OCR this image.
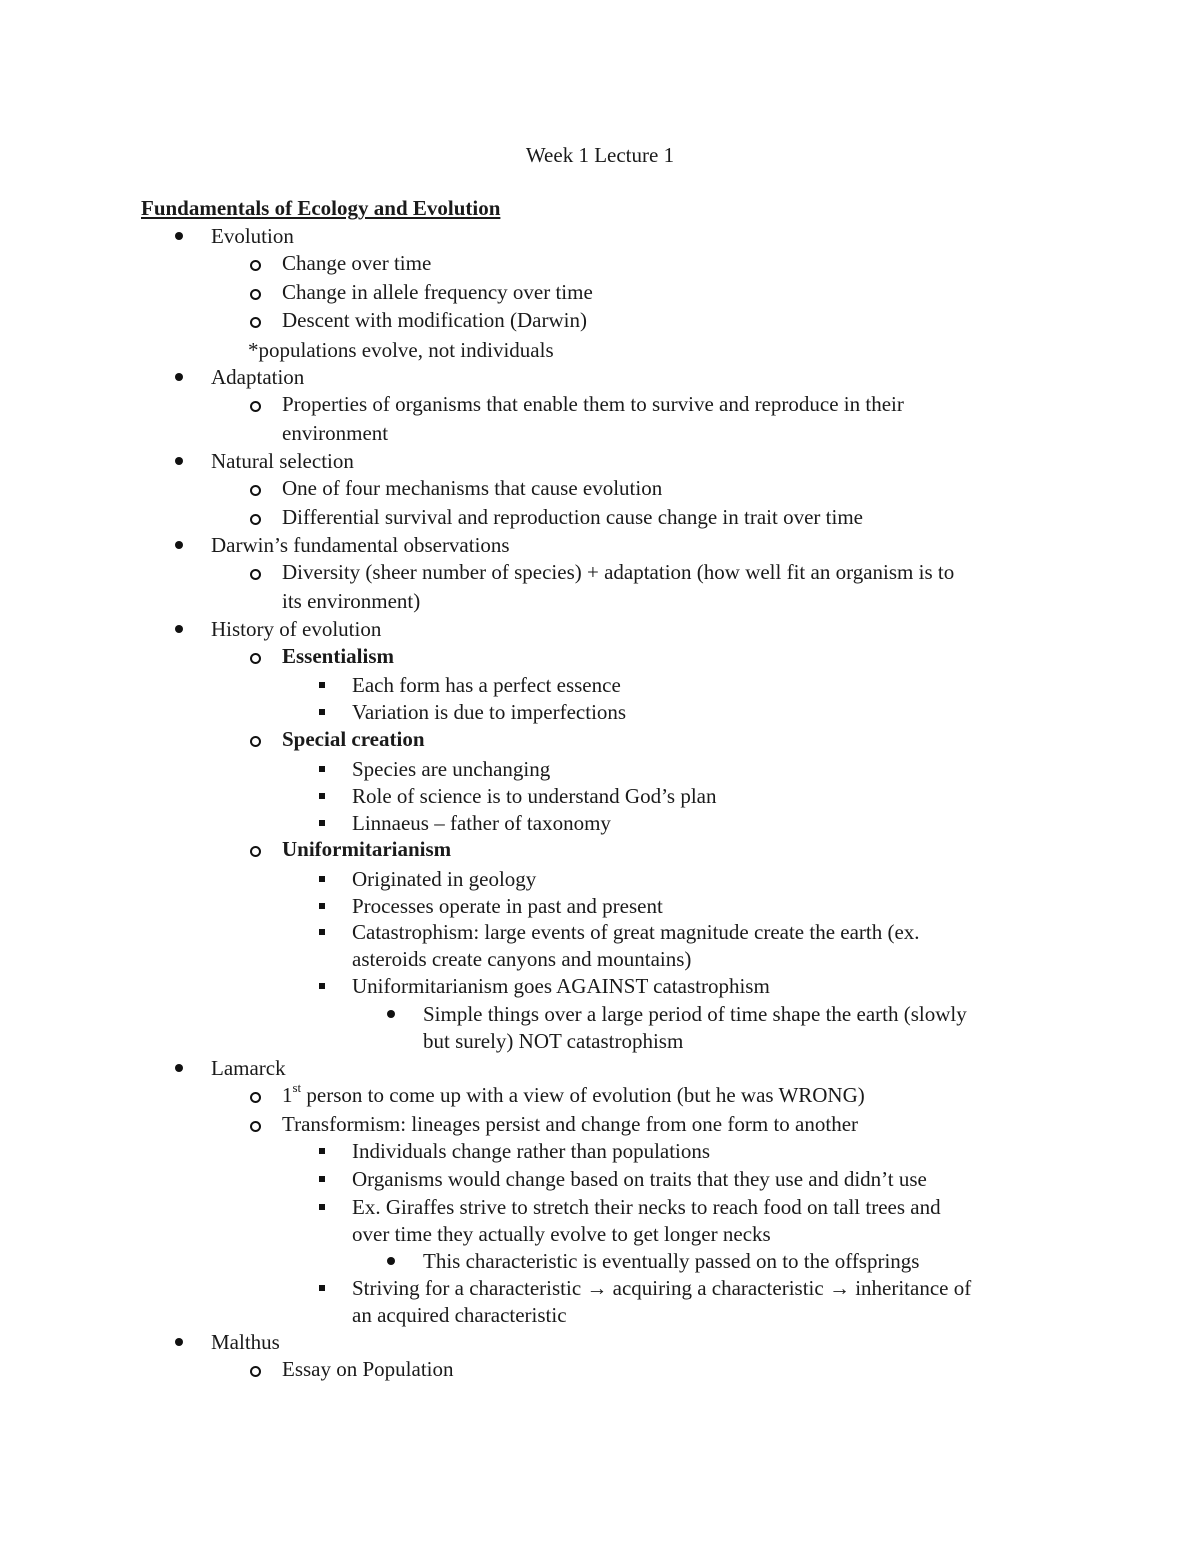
Week 1 Lecture 1
Fundamentals of Ecology and Evolution
Evolution
Change over time
Change in allele frequency over time
Descent with modification (Darwin)
*populations evolve, not individuals
Adaptation
Properties of organisms that enable them to survive and reproduce in their
environment
Natural selection
One of four mechanisms that cause evolution
Differential survival and reproduction cause change in trait over time
Darwin’s fundamental observations
Diversity (sheer number of species) + adaptation (how well fit an organism is to
its environment)
History of evolution
Essentialism
Each form has a perfect essence
Variation is due to imperfections
Special creation
Species are unchanging
Role of science is to understand God’s plan
Linnaeus – father of taxonomy
Uniformitarianism
Originated in geology
Processes operate in past and present
Catastrophism: large events of great magnitude create the earth (ex.
asteroids create canyons and mountains)
Uniformitarianism goes AGAINST catastrophism
Simple things over a large period of time shape the earth (slowly
but surely) NOT catastrophism
Lamarck
1st person to come up with a view of evolution (but he was WRONG)
Transformism: lineages persist and change from one form to another
Individuals change rather than populations
Organisms would change based on traits that they use and didn’t use
Ex. Giraffes strive to stretch their necks to reach food on tall trees and
over time they actually evolve to get longer necks
This characteristic is eventually passed on to the offsprings
Striving for a characteristic → acquiring a characteristic → inheritance of
an acquired characteristic
Malthus
Essay on Population
